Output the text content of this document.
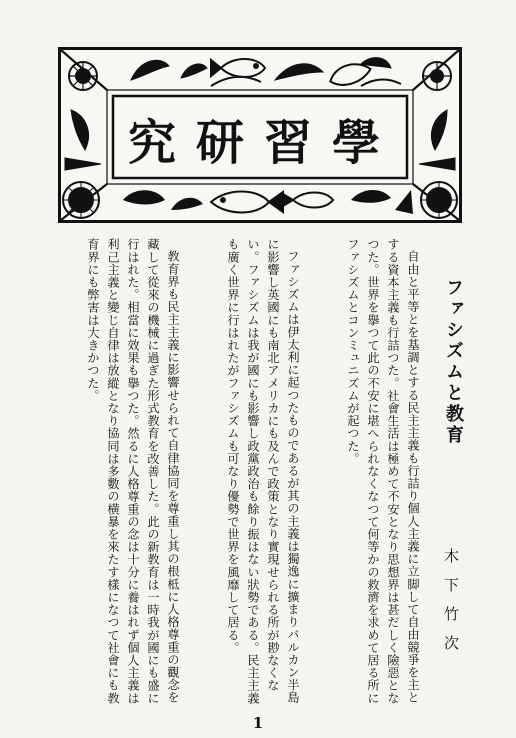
學習研究
ファシズムと教育
木下竹次
自由と平等とを基調とする民主主義も行詰り個人主義に立脚して自由競爭を主と
する資本主義も行詰つた。社會生活は極めて不安となり思想界は甚だしく險惡とな
つた。世界を擧つて此の不安に堪へられなくなつて何等かの救濟を求めて居る所に
ファシズムとコンミュニズムが起つた。
ファシズムは伊太利に起つたものであるが其の主義は獨逸に擴まりバルカン半島
に影響し英國にも南北アメリカにも及んで政策となり實現せられる所が尠なくな
い。ファシズムは我が國にも影響し政黨政治も餘り振はない狀勢である。民主主義
も廣く世界に行はれたがファシズムも可なり優勢で世界を風靡して居る。
教育界も民主主義に影響せられて自律協同を尊重し其の根柢に人格尊重の觀念を
藏して從來の機械に過ぎた形式教育を改善した。此の新教育は一時我が國にも盛に
行はれた。相當に效果も擧つた。然るに人格尊重の念は十分に養はれず個人主義は
利己主義と變じ自律は放縱となり協同は多數の横暴を來たす樣になつて社會にも教
育界にも弊害は大きかつた。
1
